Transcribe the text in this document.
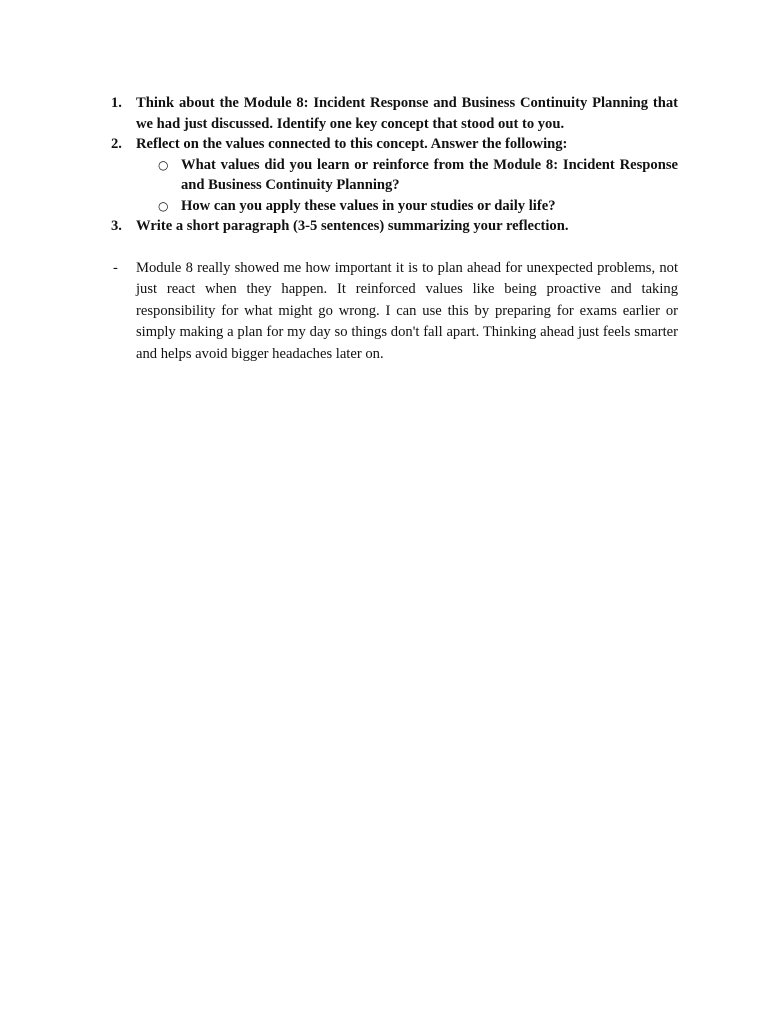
1. Think about the Module 8: Incident Response and Business Continuity Planning that we had just discussed. Identify one key concept that stood out to you.
2. Reflect on the values connected to this concept. Answer the following:
○ What values did you learn or reinforce from the Module 8: Incident Response and Business Continuity Planning?
○ How can you apply these values in your studies or daily life?
3. Write a short paragraph (3-5 sentences) summarizing your reflection.
- Module 8 really showed me how important it is to plan ahead for unexpected problems, not just react when they happen. It reinforced values like being proactive and taking responsibility for what might go wrong. I can use this by preparing for exams earlier or simply making a plan for my day so things don't fall apart. Thinking ahead just feels smarter and helps avoid bigger headaches later on.
